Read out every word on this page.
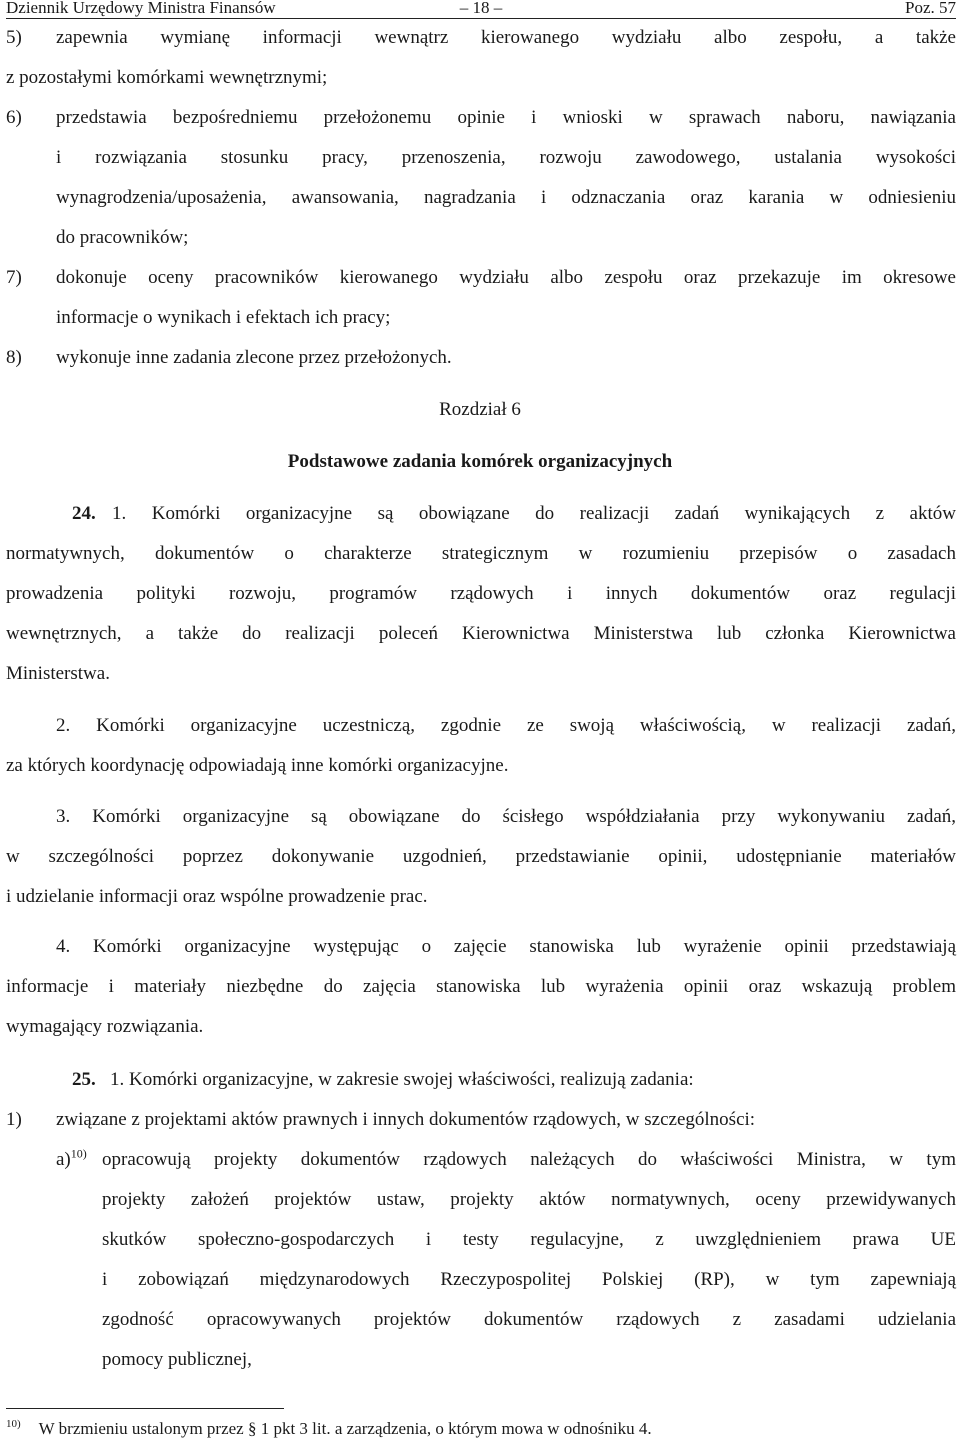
Dziennik Urzędowy Ministra Finansów	– 18 –	Poz. 57
5) zapewnia wymianę informacji wewnątrz kierowanego wydziału albo zespołu, a także
z pozostałymi komórkami wewnętrznymi;
6) przedstawia bezpośredniemu przełożonemu opinie i wnioski w sprawach naboru, nawiązania
i rozwiązania stosunku pracy, przenoszenia, rozwoju zawodowego, ustalania wysokości
wynagrodzenia/uposażenia, awansowania, nagradzania i odznaczania oraz karania w odniesieniu
do pracowników;
7) dokonuje oceny pracowników kierowanego wydziału albo zespołu oraz przekazuje im okresowe
informacje o wynikach i efektach ich pracy;
8) wykonuje inne zadania zlecone przez przełożonych.
Rozdział 6
Podstawowe zadania komórek organizacyjnych
24. 1. Komórki organizacyjne są obowiązane do realizacji zadań wynikających z aktów
normatywnych, dokumentów o charakterze strategicznym w rozumieniu przepisów o zasadach
prowadzenia polityki rozwoju, programów rządowych i innych dokumentów oraz regulacji
wewnętrznych, a także do realizacji poleceń Kierownictwa Ministerstwa lub członka Kierownictwa
Ministerstwa.
2. Komórki organizacyjne uczestniczą, zgodnie ze swoją właściwością, w realizacji zadań,
za których koordynację odpowiadają inne komórki organizacyjne.
3. Komórki organizacyjne są obowiązane do ścisłego współdziałania przy wykonywaniu zadań,
w szczególności poprzez dokonywanie uzgodnień, przedstawianie opinii, udostępnianie materiałów
i udzielanie informacji oraz wspólne prowadzenie prac.
4. Komórki organizacyjne występując o zajęcie stanowiska lub wyrażenie opinii przedstawiają
informacje i materiały niezbędne do zajęcia stanowiska lub wyrażenia opinii oraz wskazują problem
wymagający rozwiązania.
25. 1. Komórki organizacyjne, w zakresie swojej właściwości, realizują zadania:
1) związane z projektami aktów prawnych i innych dokumentów rządowych, w szczególności:
a)$^{10)}$ opracowują projekty dokumentów rządowych należących do właściwości Ministra, w tym
projekty założeń projektów ustaw, projekty aktów normatywnych, oceny przewidywanych
skutków społeczno-gospodarczych i testy regulacyjne, z uwzględnieniem prawa UE
i zobowiązań międzynarodowych Rzeczypospolitej Polskiej (RP), w tym zapewniają
zgodność opracowywanych projektów dokumentów rządowych z zasadami udzielania
pomocy publicznej,
$^{10)}$ W brzmieniu ustalonym przez § 1 pkt 3 lit. a zarządzenia, o którym mowa w odnośniku 4.
